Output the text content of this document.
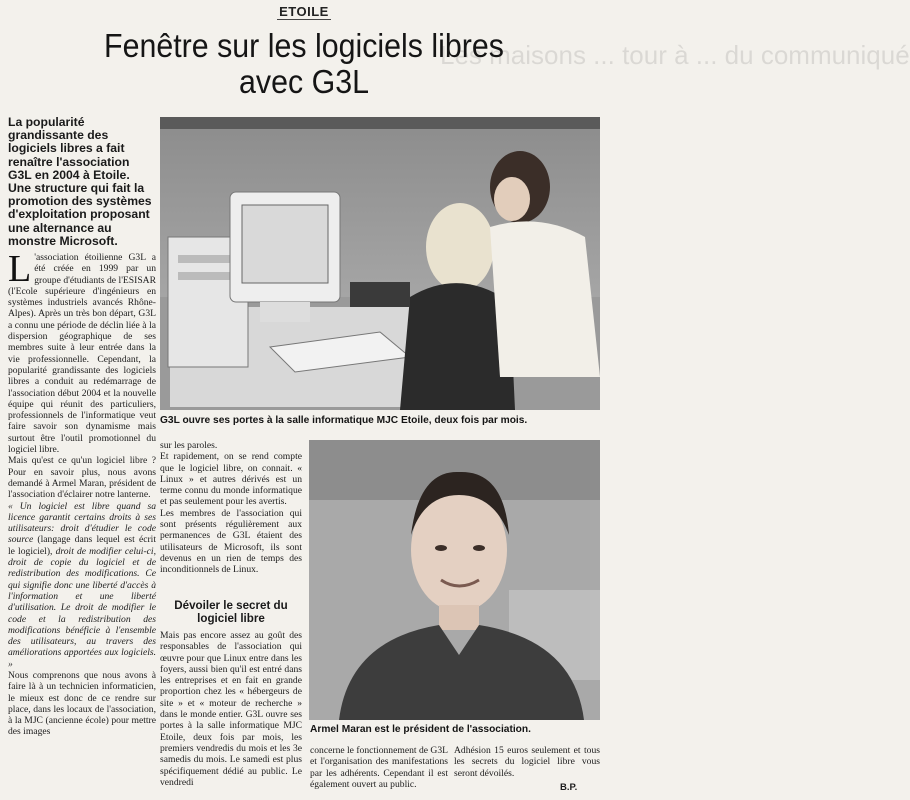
ETOILE
Les maisons ... tour à ... du communiqué
Fenêtre sur les logiciels libres
avec G3L
La popularité grandissante des logiciels libres a fait renaître l'association G3L en 2004 à Etoile. Une structure qui fait la promotion des systèmes d'exploitation proposant une alternance au monstre Microsoft.

L 'association étoilienne G3L a été créée en 1999 par un groupe d'étudiants de l'ESISAR (l'Ecole supérieure d'ingénieurs en systèmes industriels avancés Rhône-Alpes). Après un très bon départ, G3L a connu une période de déclin liée à la dispersion géographique de ses membres suite à leur entrée dans la vie professionnelle. Cependant, la popularité grandissante des logiciels libres a conduit au redémarrage de l'association début 2004 et la nouvelle équipe qui réunit des particuliers, professionnels de l'informatique veut faire savoir son dynamisme mais surtout être l'outil promotionnel du logiciel libre.

Mais qu'est ce qu'un logiciel libre ? Pour en savoir plus, nous avons demandé à Armel Maran, président de l'association d'éclairer notre lanterne.

« Un logiciel est libre quand sa licence garantit certains droits à ses utilisateurs: droit d'étudier le code source (langage dans lequel est écrit le logiciel), droit de modifier celui-ci, droit de copie du logiciel et de redistribution des modifications. Ce qui signifie donc une liberté d'accès à l'information et une liberté d'utilisation. Le droit de modifier le code et la redistribution des modifications bénéficie à l'ensemble des utilisateurs, au travers des améliorations apportées aux logiciels. »

Nous comprenons que nous avons à faire là à un technicien informaticien, le mieux est donc de ce rendre sur place, dans les locaux de l'association, à la MJC (ancienne école) pour mettre des images

G3L ouvre ses portes à la salle informatique MJC Etoile, deux fois par mois.

sur les paroles.

Et rapidement, on se rend compte que le logiciel libre, on connait. « Linux » et autres dérivés est un terme connu du monde informatique et pas seulement pour les avertis.

Les membres de l'association qui sont présents régulièrement aux permanences de G3L étaient des utilisateurs de Microsoft, ils sont devenus en un rien de temps des inconditionnels de Linux.

Dévoiler le secret du logiciel libre

Mais pas encore assez au goût des responsables de l'association qui œuvre pour que Linux entre dans les foyers, aussi bien qu'il est entré dans les entreprises et en fait en grande proportion chez les « hébergeurs de site » et « moteur de recherche » dans le monde entier. G3L ouvre ses portes à la salle informatique MJC Etoile, deux fois par mois, les premiers vendredis du mois et les 3e samedis du mois. Le samedi est plus spécifiquement dédié au public. Le vendredi

Armel Maran est le président de l'association.
concerne le fonctionnement de G3L et l'organisation des manifestations par les adhérents. Cependant il est également ouvert au public.
Adhésion 15 euros seulement et tous les secrets du logiciel libre vous seront dévoilés.
B.P.
